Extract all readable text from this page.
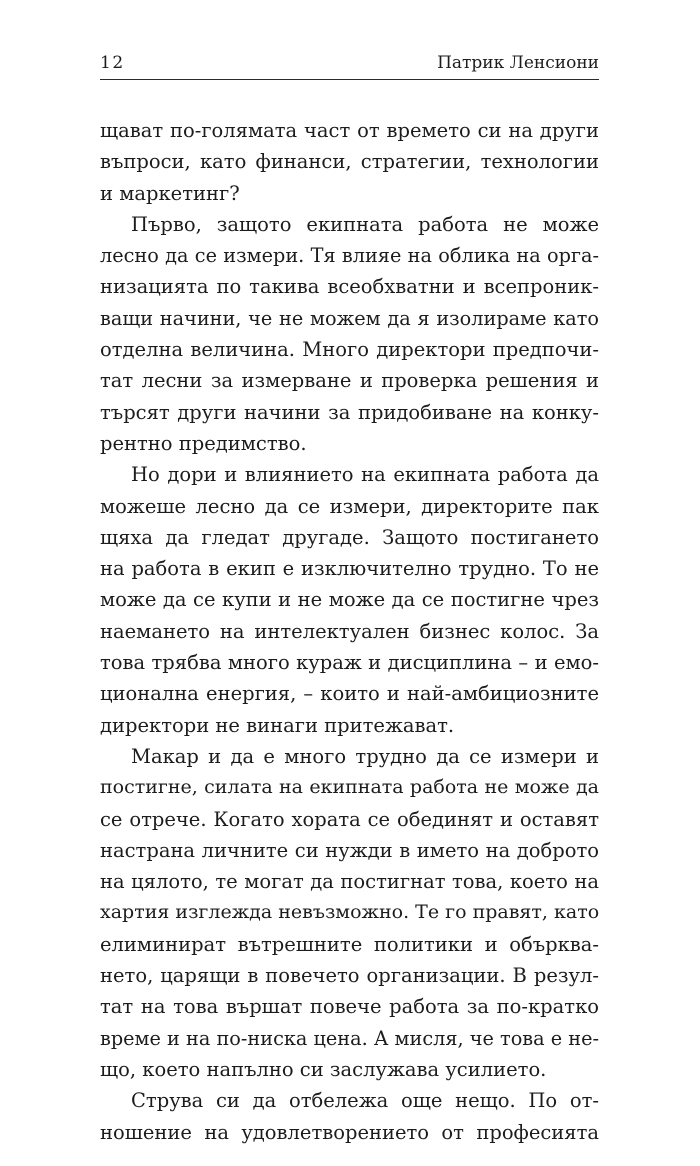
12	Патрик Ленсиони
щават по-голямата част от времето си на други
въпроси, като финанси, стратегии, технологии
и маркетинг?
Първо, защото екипната работа не може
лесно да се измери. Тя влияе на облика на орга-
низацията по такива всеобхватни и всепроник-
ващи начини, че не можем да я изолираме като
отделна величина. Много директори предпочи-
тат лесни за измерване и проверка решения и
търсят други начини за придобиване на конку-
рентно предимство.
Но дори и влиянието на екипната работа да
можеше лесно да се измери, директорите пак
щяха да гледат другаде. Защото постигането
на работа в екип е изключително трудно. То не
може да се купи и не може да се постигне чрез
наемането на интелектуален бизнес колос. За
това трябва много кураж и дисциплина – и емо-
ционална енергия, – които и най-амбициозните
директори не винаги притежават.
Макар и да е много трудно да се измери и
постигне, силата на екипната работа не може да
се отрече. Когато хората се обединят и оставят
настрана личните си нужди в името на доброто
на цялото, те могат да постигнат това, което на
хартия изглежда невъзможно. Те го правят, като
елиминират вътрешните политики и обърква-
нето, царящи в повечето организации. В резул-
тат на това вършат повече работа за по-кратко
време и на по-ниска цена. А мисля, че това е не-
що, което напълно си заслужава усилието.
Струва си да отбележа още нещо. По от-
ношение на удовлетворението от професията
